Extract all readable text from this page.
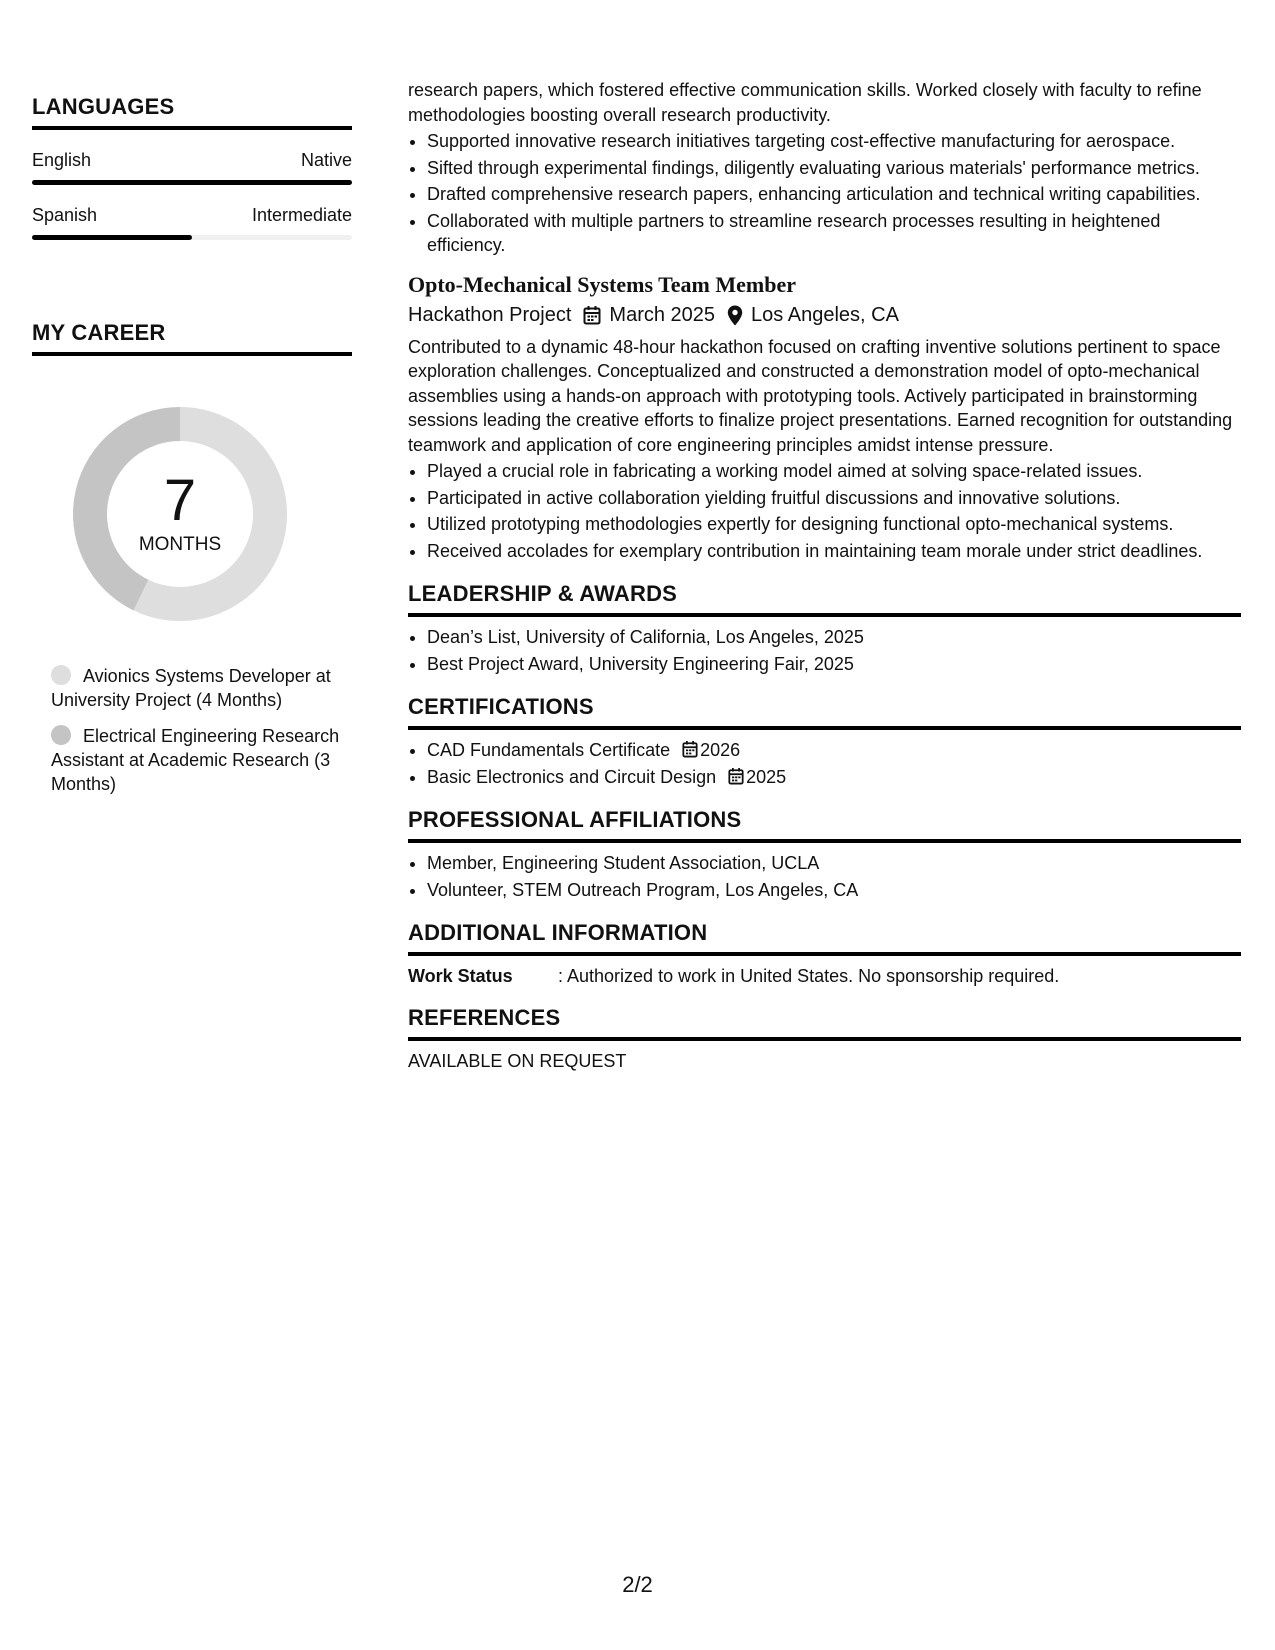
LANGUAGES
English	Native
Spanish	Intermediate
MY CAREER
7
MONTHS
Avionics Systems Developer at University Project (4 Months)
Electrical Engineering Research Assistant at Academic Research (3 Months)

research papers, which fostered effective communication skills. Worked closely with faculty to refine methodologies boosting overall research productivity.

• Supported innovative research initiatives targeting cost-effective manufacturing for aerospace.
• Sifted through experimental findings, diligently evaluating various materials' performance metrics.
• Drafted comprehensive research papers, enhancing articulation and technical writing capabilities.
• Collaborated with multiple partners to streamline research processes resulting in heightened efficiency.
Opto-Mechanical Systems Team Member
Hackathon Project March 2025 Los Angeles, CA

Contributed to a dynamic 48-hour hackathon focused on crafting inventive solutions pertinent to space exploration challenges. Conceptualized and constructed a demonstration model of opto-mechanical assemblies using a hands-on approach with prototyping tools. Actively participated in brainstorming sessions leading the creative efforts to finalize project presentations. Earned recognition for outstanding teamwork and application of core engineering principles amidst intense pressure.

• Played a crucial role in fabricating a working model aimed at solving space-related issues.
• Participated in active collaboration yielding fruitful discussions and innovative solutions.
• Utilized prototyping methodologies expertly for designing functional opto-mechanical systems.
• Received accolades for exemplary contribution in maintaining team morale under strict deadlines.
LEADERSHIP & AWARDS
• Dean’s List, University of California, Los Angeles, 2025
• Best Project Award, University Engineering Fair, 2025
CERTIFICATIONS
• CAD Fundamentals Certificate 2026
• Basic Electronics and Circuit Design 2025
PROFESSIONAL AFFILIATIONS
• Member, Engineering Student Association, UCLA
• Volunteer, STEM Outreach Program, Los Angeles, CA
ADDITIONAL INFORMATION
Work Status	: Authorized to work in United States. No sponsorship required.
REFERENCES
AVAILABLE ON REQUEST
2/2
